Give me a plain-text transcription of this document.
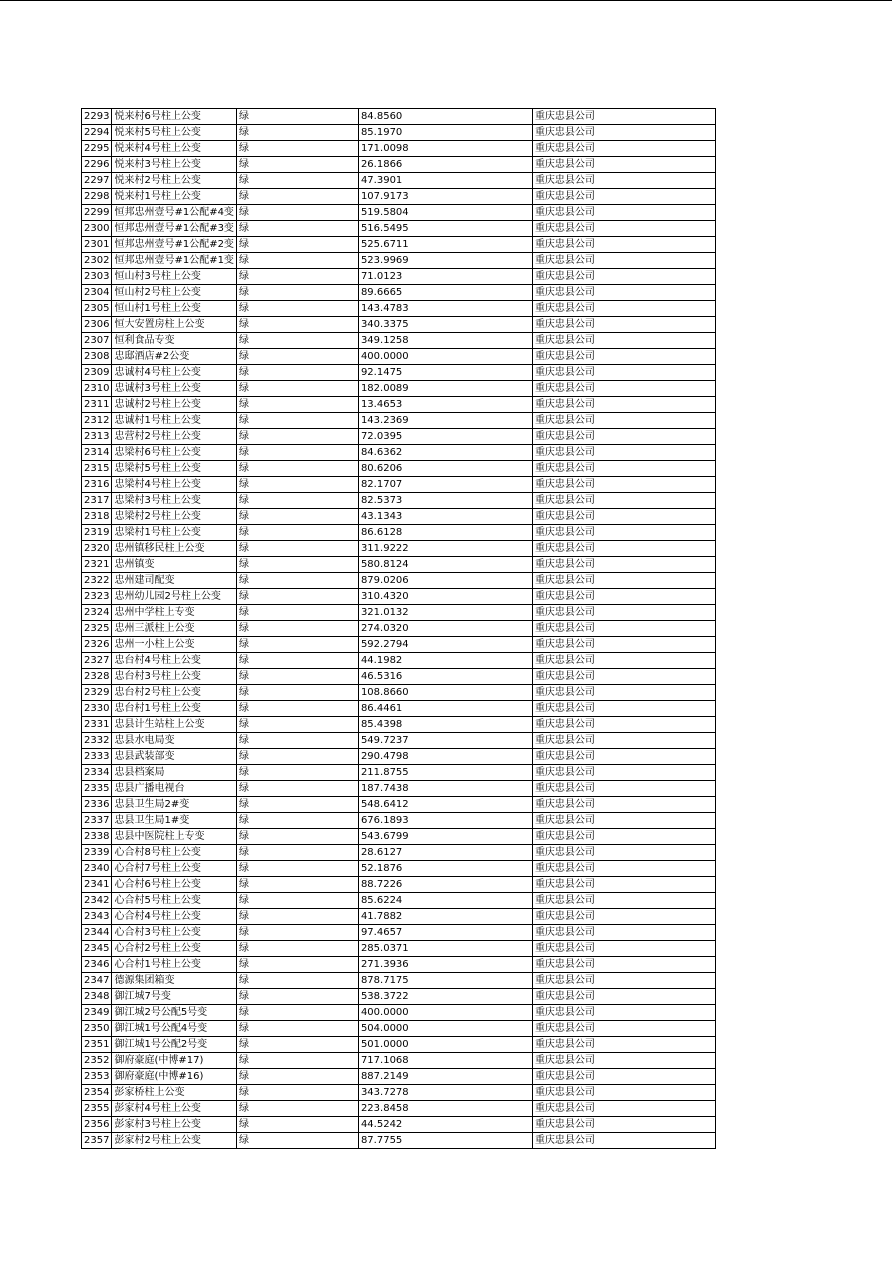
2293	悦来村6号柱上公变	绿	84.8560	重庆忠县公司
2294	悦来村5号柱上公变	绿	85.1970	重庆忠县公司
2295	悦来村4号柱上公变	绿	171.0098	重庆忠县公司
2296	悦来村3号柱上公变	绿	26.1866	重庆忠县公司
2297	悦来村2号柱上公变	绿	47.3901	重庆忠县公司
2298	悦来村1号柱上公变	绿	107.9173	重庆忠县公司
2299	恒邦忠州壹号#1公配#4变	绿	519.5804	重庆忠县公司
2300	恒邦忠州壹号#1公配#3变	绿	516.5495	重庆忠县公司
2301	恒邦忠州壹号#1公配#2变	绿	525.6711	重庆忠县公司
2302	恒邦忠州壹号#1公配#1变	绿	523.9969	重庆忠县公司
2303	恒山村3号柱上公变	绿	71.0123	重庆忠县公司
2304	恒山村2号柱上公变	绿	89.6665	重庆忠县公司
2305	恒山村1号柱上公变	绿	143.4783	重庆忠县公司
2306	恒大安置房柱上公变	绿	340.3375	重庆忠县公司
2307	恒利食品专变	绿	349.1258	重庆忠县公司
2308	忠邸酒店#2公变	绿	400.0000	重庆忠县公司
2309	忠诚村4号柱上公变	绿	92.1475	重庆忠县公司
2310	忠诚村3号柱上公变	绿	182.0089	重庆忠县公司
2311	忠诚村2号柱上公变	绿	13.4653	重庆忠县公司
2312	忠诚村1号柱上公变	绿	143.2369	重庆忠县公司
2313	忠营村2号柱上公变	绿	72.0395	重庆忠县公司
2314	忠梁村6号柱上公变	绿	84.6362	重庆忠县公司
2315	忠梁村5号柱上公变	绿	80.6206	重庆忠县公司
2316	忠梁村4号柱上公变	绿	82.1707	重庆忠县公司
2317	忠梁村3号柱上公变	绿	82.5373	重庆忠县公司
2318	忠梁村2号柱上公变	绿	43.1343	重庆忠县公司
2319	忠梁村1号柱上公变	绿	86.6128	重庆忠县公司
2320	忠州镇移民柱上公变	绿	311.9222	重庆忠县公司
2321	忠州镇变	绿	580.8124	重庆忠县公司
2322	忠州建司配变	绿	879.0206	重庆忠县公司
2323	忠州幼儿园2号柱上公变	绿	310.4320	重庆忠县公司
2324	忠州中学柱上专变	绿	321.0132	重庆忠县公司
2325	忠州三派柱上公变	绿	274.0320	重庆忠县公司
2326	忠州一小柱上公变	绿	592.2794	重庆忠县公司
2327	忠台村4号柱上公变	绿	44.1982	重庆忠县公司
2328	忠台村3号柱上公变	绿	46.5316	重庆忠县公司
2329	忠台村2号柱上公变	绿	108.8660	重庆忠县公司
2330	忠台村1号柱上公变	绿	86.4461	重庆忠县公司
2331	忠县计生站柱上公变	绿	85.4398	重庆忠县公司
2332	忠县水电局变	绿	549.7237	重庆忠县公司
2333	忠县武装部变	绿	290.4798	重庆忠县公司
2334	忠县档案局	绿	211.8755	重庆忠县公司
2335	忠县广播电视台	绿	187.7438	重庆忠县公司
2336	忠县卫生局2#变	绿	548.6412	重庆忠县公司
2337	忠县卫生局1#变	绿	676.1893	重庆忠县公司
2338	忠县中医院柱上专变	绿	543.6799	重庆忠县公司
2339	心合村8号柱上公变	绿	28.6127	重庆忠县公司
2340	心合村7号柱上公变	绿	52.1876	重庆忠县公司
2341	心合村6号柱上公变	绿	88.7226	重庆忠县公司
2342	心合村5号柱上公变	绿	85.6224	重庆忠县公司
2343	心合村4号柱上公变	绿	41.7882	重庆忠县公司
2344	心合村3号柱上公变	绿	97.4657	重庆忠县公司
2345	心合村2号柱上公变	绿	285.0371	重庆忠县公司
2346	心合村1号柱上公变	绿	271.3936	重庆忠县公司
2347	德源集团箱变	绿	878.7175	重庆忠县公司
2348	御江城7号变	绿	538.3722	重庆忠县公司
2349	御江城2号公配5号变	绿	400.0000	重庆忠县公司
2350	御江城1号公配4号变	绿	504.0000	重庆忠县公司
2351	御江城1号公配2号变	绿	501.0000	重庆忠县公司
2352	御府豪庭(中博#17)	绿	717.1068	重庆忠县公司
2353	御府豪庭(中博#16)	绿	887.2149	重庆忠县公司
2354	彭家桥柱上公变	绿	343.7278	重庆忠县公司
2355	彭家村4号柱上公变	绿	223.8458	重庆忠县公司
2356	彭家村3号柱上公变	绿	44.5242	重庆忠县公司
2357	彭家村2号柱上公变	绿	87.7755	重庆忠县公司
